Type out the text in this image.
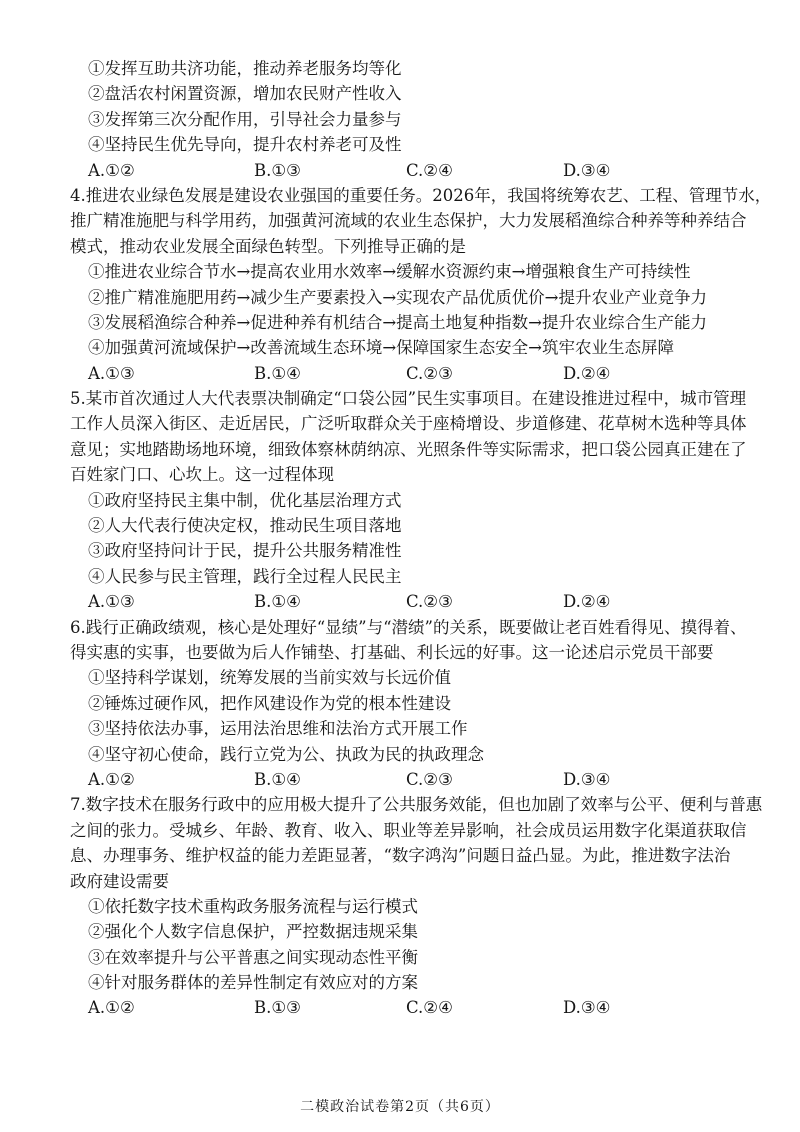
①发挥互助共济功能，推动养老服务均等化
②盘活农村闲置资源，增加农民财产性收入
③发挥第三次分配作用，引导社会力量参与
④坚持民生优先导向，提升农村养老可及性
A.①②	B.①③	C.②④	D.③④
4.推进农业绿色发展是建设农业强国的重要任务。2026年，我国将统筹农艺、工程、管理节水，
推广精准施肥与科学用药，加强黄河流域的农业生态保护，大力发展稻渔综合种养等种养结合
模式，推动农业发展全面绿色转型。下列推导正确的是
①推进农业综合节水→提高农业用水效率→缓解水资源约束→增强粮食生产可持续性
②推广精准施肥用药→减少生产要素投入→实现农产品优质优价→提升农业产业竞争力
③发展稻渔综合种养→促进种养有机结合→提高土地复种指数→提升农业综合生产能力
④加强黄河流域保护→改善流域生态环境→保障国家生态安全→筑牢农业生态屏障
A.①③	B.①④	C.②③	D.②④
5.某市首次通过人大代表票决制确定“口袋公园”民生实事项目。在建设推进过程中，城市管理
工作人员深入街区、走近居民，广泛听取群众关于座椅增设、步道修建、花草树木选种等具体
意见；实地踏勘场地环境，细致体察林荫纳凉、光照条件等实际需求，把口袋公园真正建在了
百姓家门口、心坎上。这一过程体现
①政府坚持民主集中制，优化基层治理方式
②人大代表行使决定权，推动民生项目落地
③政府坚持问计于民，提升公共服务精准性
④人民参与民主管理，践行全过程人民民主
A.①③	B.①④	C.②③	D.②④
6.践行正确政绩观，核心是处理好“显绩”与“潜绩”的关系，既要做让老百姓看得见、摸得着、
得实惠的实事，也要做为后人作铺垫、打基础、利长远的好事。这一论述启示党员干部要
①坚持科学谋划，统筹发展的当前实效与长远价值
②锤炼过硬作风，把作风建设作为党的根本性建设
③坚持依法办事，运用法治思维和法治方式开展工作
④坚守初心使命，践行立党为公、执政为民的执政理念
A.①②	B.①④	C.②③	D.③④
7.数字技术在服务行政中的应用极大提升了公共服务效能，但也加剧了效率与公平、便利与普惠
之间的张力。受城乡、年龄、教育、收入、职业等差异影响，社会成员运用数字化渠道获取信
息、办理事务、维护权益的能力差距显著，“数字鸿沟”问题日益凸显。为此，推进数字法治
政府建设需要
①依托数字技术重构政务服务流程与运行模式
②强化个人数字信息保护，严控数据违规采集
③在效率提升与公平普惠之间实现动态性平衡
④针对服务群体的差异性制定有效应对的方案
A.①②	B.①③	C.②④	D.③④
二模政治试卷第2页（共6页）
